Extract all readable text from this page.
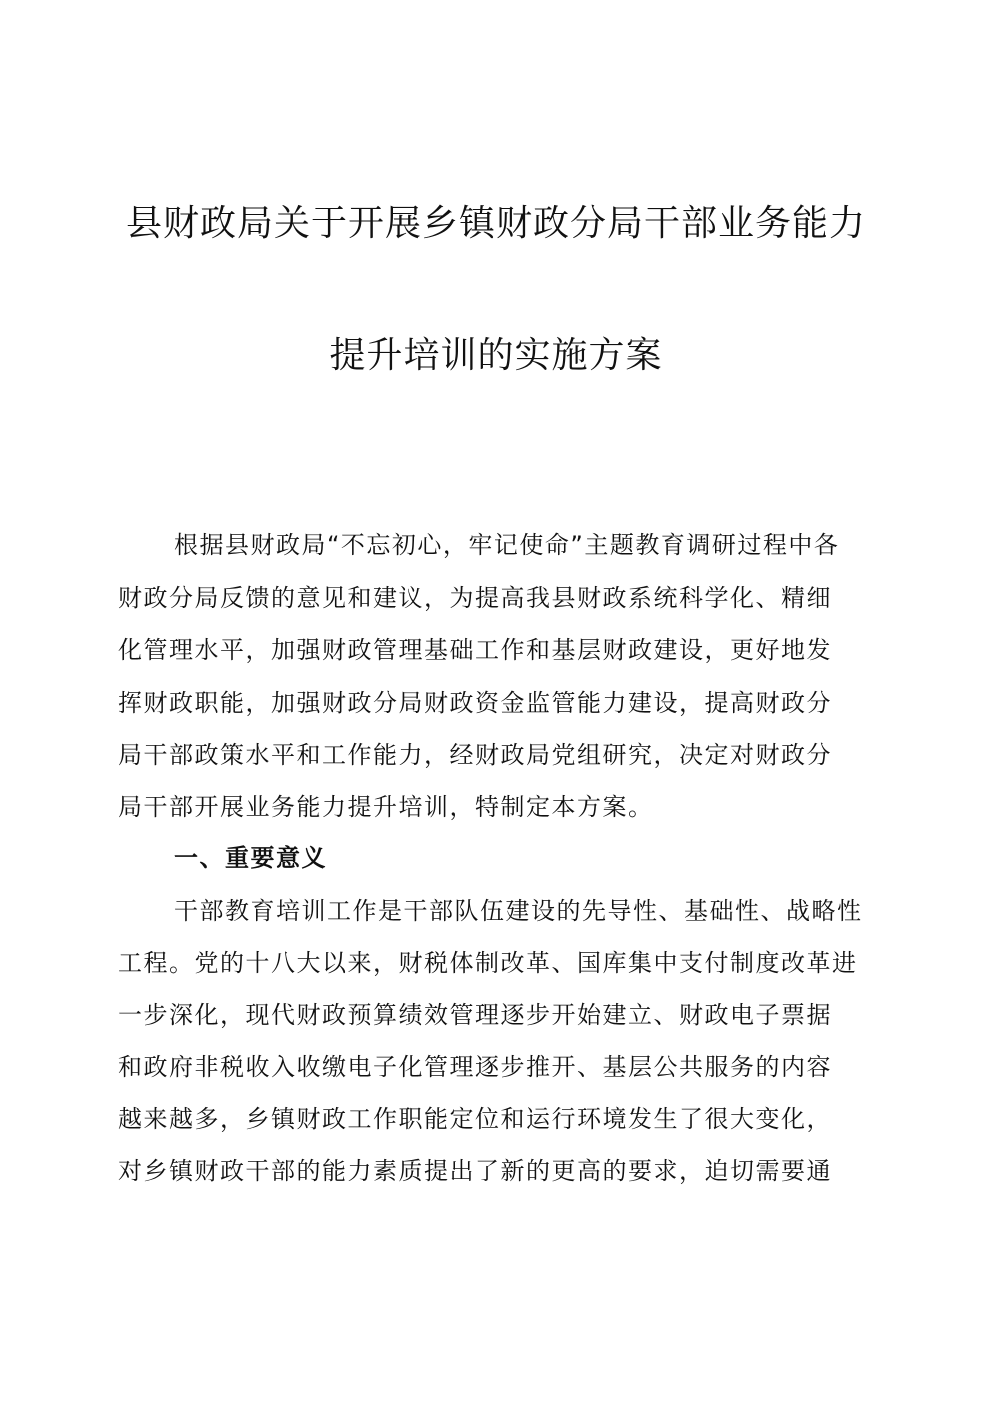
县财政局关于开展乡镇财政分局干部业务能力
提升培训的实施方案
根据县财政局“不忘初心，牢记使命”主题教育调研过程中各
财政分局反馈的意见和建议，为提高我县财政系统科学化、精细
化管理水平，加强财政管理基础工作和基层财政建设，更好地发
挥财政职能，加强财政分局财政资金监管能力建设，提高财政分
局干部政策水平和工作能力，经财政局党组研究，决定对财政分
局干部开展业务能力提升培训，特制定本方案。
一、重要意义
干部教育培训工作是干部队伍建设的先导性、基础性、战略性
工程。党的十八大以来，财税体制改革、国库集中支付制度改革进
一步深化，现代财政预算绩效管理逐步开始建立、财政电子票据
和政府非税收入收缴电子化管理逐步推开、基层公共服务的内容
越来越多，乡镇财政工作职能定位和运行环境发生了很大变化，
对乡镇财政干部的能力素质提出了新的更高的要求，迫切需要通
